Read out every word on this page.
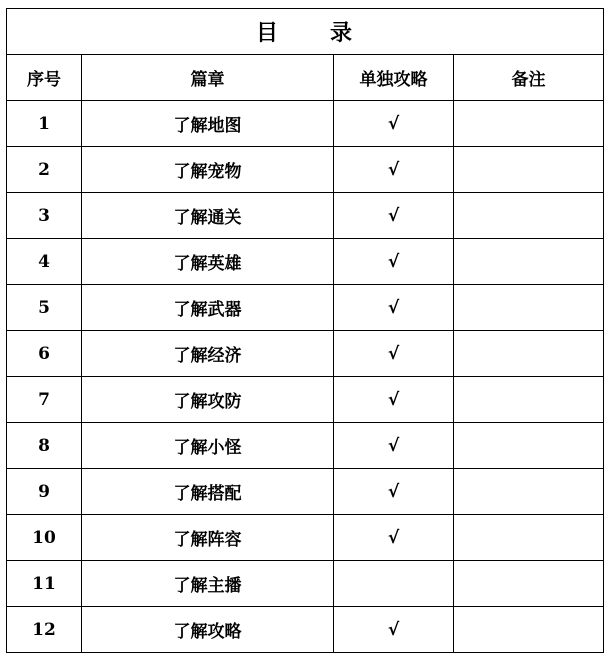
目 录			
序号	篇章	单独攻略	备注
1	了解地图	√	
2	了解宠物	√	
3	了解通关	√	
4	了解英雄	√	
5	了解武器	√	
6	了解经济	√	
7	了解攻防	√	
8	了解小怪	√	
9	了解搭配	√	
10	了解阵容	√	
11	了解主播		
12	了解攻略	√	
